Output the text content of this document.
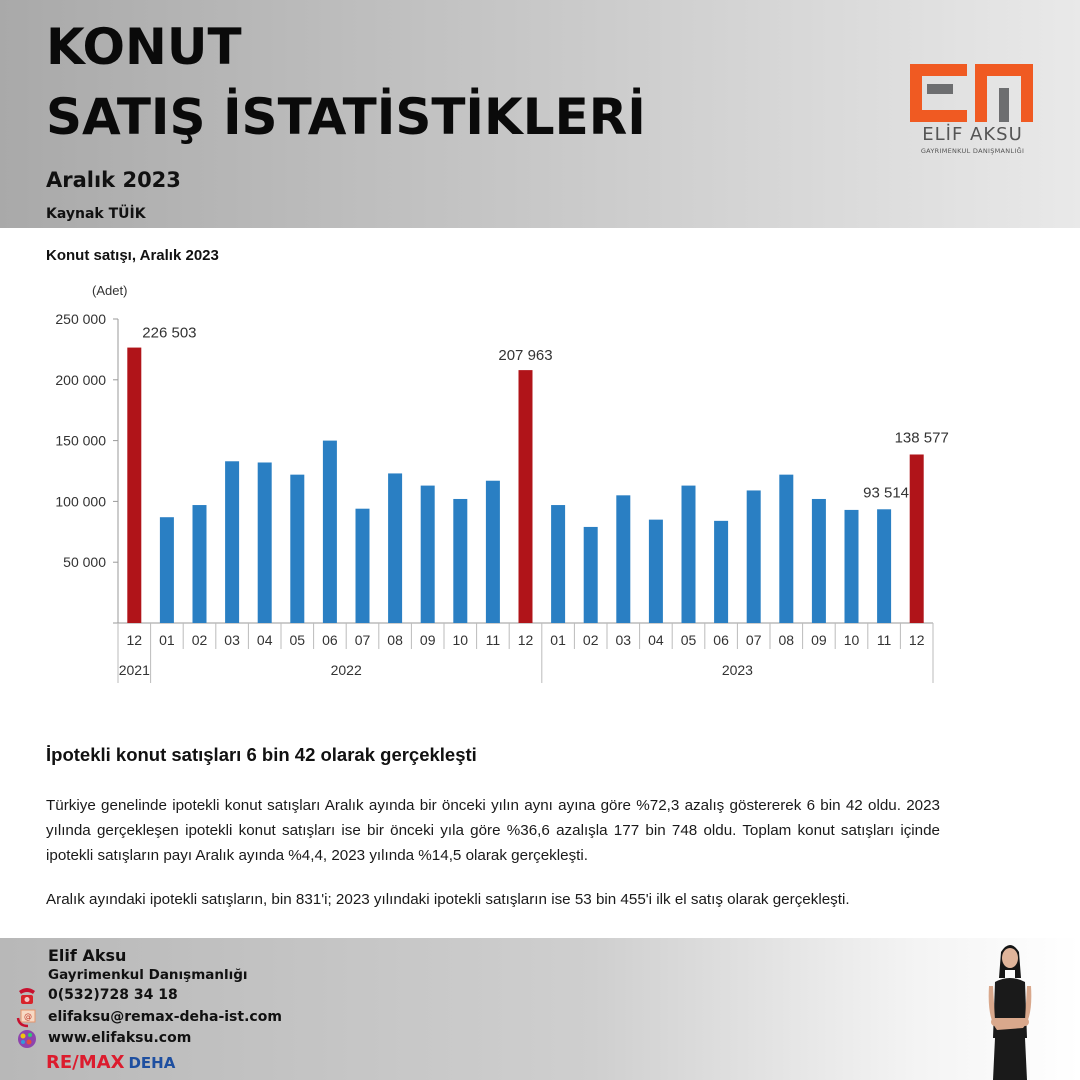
KONUT
SATIŞ İSTATİSTİKLERİ
Aralık 2023
Kaynak TÜİK
ELİF AKSU
GAYRIMENKUL DANIŞMANLIĞI
Konut satışı, Aralık 2023
(Adet)
50 000
100 000
150 000
200 000
250 000
12 01 02 03 04 05 06 07 08 09 10 11 12 01 02 03 04 05 06 07 08 09 10 11 12
2021	2022	2023
226 503
207 963
93 514
138 577
İpotekli konut satışları 6 bin 42 olarak gerçekleşti
Türkiye genelinde ipotekli konut satışları Aralık ayında bir önceki yılın aynı ayına göre %72,3 azalış göstererek 6 bin 42 oldu. 2023 yılında gerçekleşen ipotekli konut satışları ise bir önceki yıla göre %36,6 azalışla 177 bin 748 oldu. Toplam konut satışları içinde ipotekli satışların payı Aralık ayında %4,4, 2023 yılında %14,5 olarak gerçekleşti.
Aralık ayındaki ipotekli satışların, bin 831'i; 2023 yılındaki ipotekli satışların ise 53 bin 455'i ilk el satış olarak gerçekleşti.
Elif Aksu
Gayrimenkul Danışmanlığı
0(532)728 34 18
@ elifaksu@remax-deha-ist.com
www.elifaksu.com
RE/MAX DEHA
